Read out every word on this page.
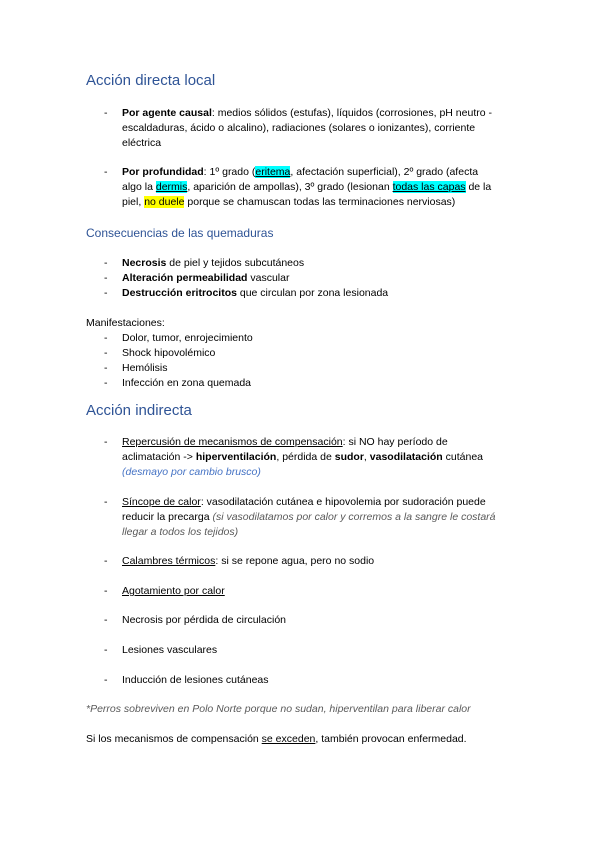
Acción directa local
- Por agente causal: medios sólidos (estufas), líquidos (corrosiones, pH neutro -
escaldaduras, ácido o alcalino), radiaciones (solares o ionizantes), corriente
eléctrica
- Por profundidad: 1º grado (eritema, afectación superficial), 2º grado (afecta
algo la dermis, aparición de ampollas), 3º grado (lesionan todas las capas de la
piel, no duele porque se chamuscan todas las terminaciones nerviosas)
Consecuencias de las quemaduras
- Necrosis de piel y tejidos subcutáneos
- Alteración permeabilidad vascular
- Destrucción eritrocitos que circulan por zona lesionada
Manifestaciones:
- Dolor, tumor, enrojecimiento
- Shock hipovolémico
- Hemólisis
- Infección en zona quemada
Acción indirecta
- Repercusión de mecanismos de compensación: si NO hay período de
aclimatación -> hiperventilación, pérdida de sudor, vasodilatación cutánea
(desmayo por cambio brusco)
- Síncope de calor: vasodilatación cutánea e hipovolemia por sudoración puede
reducir la precarga (si vasodilatamos por calor y corremos a la sangre le costará
llegar a todos los tejidos)
- Calambres térmicos: si se repone agua, pero no sodio
- Agotamiento por calor
- Necrosis por pérdida de circulación
- Lesiones vasculares
- Inducción de lesiones cutáneas
*Perros sobreviven en Polo Norte porque no sudan, hiperventilan para liberar calor
Si los mecanismos de compensación se exceden, también provocan enfermedad.
